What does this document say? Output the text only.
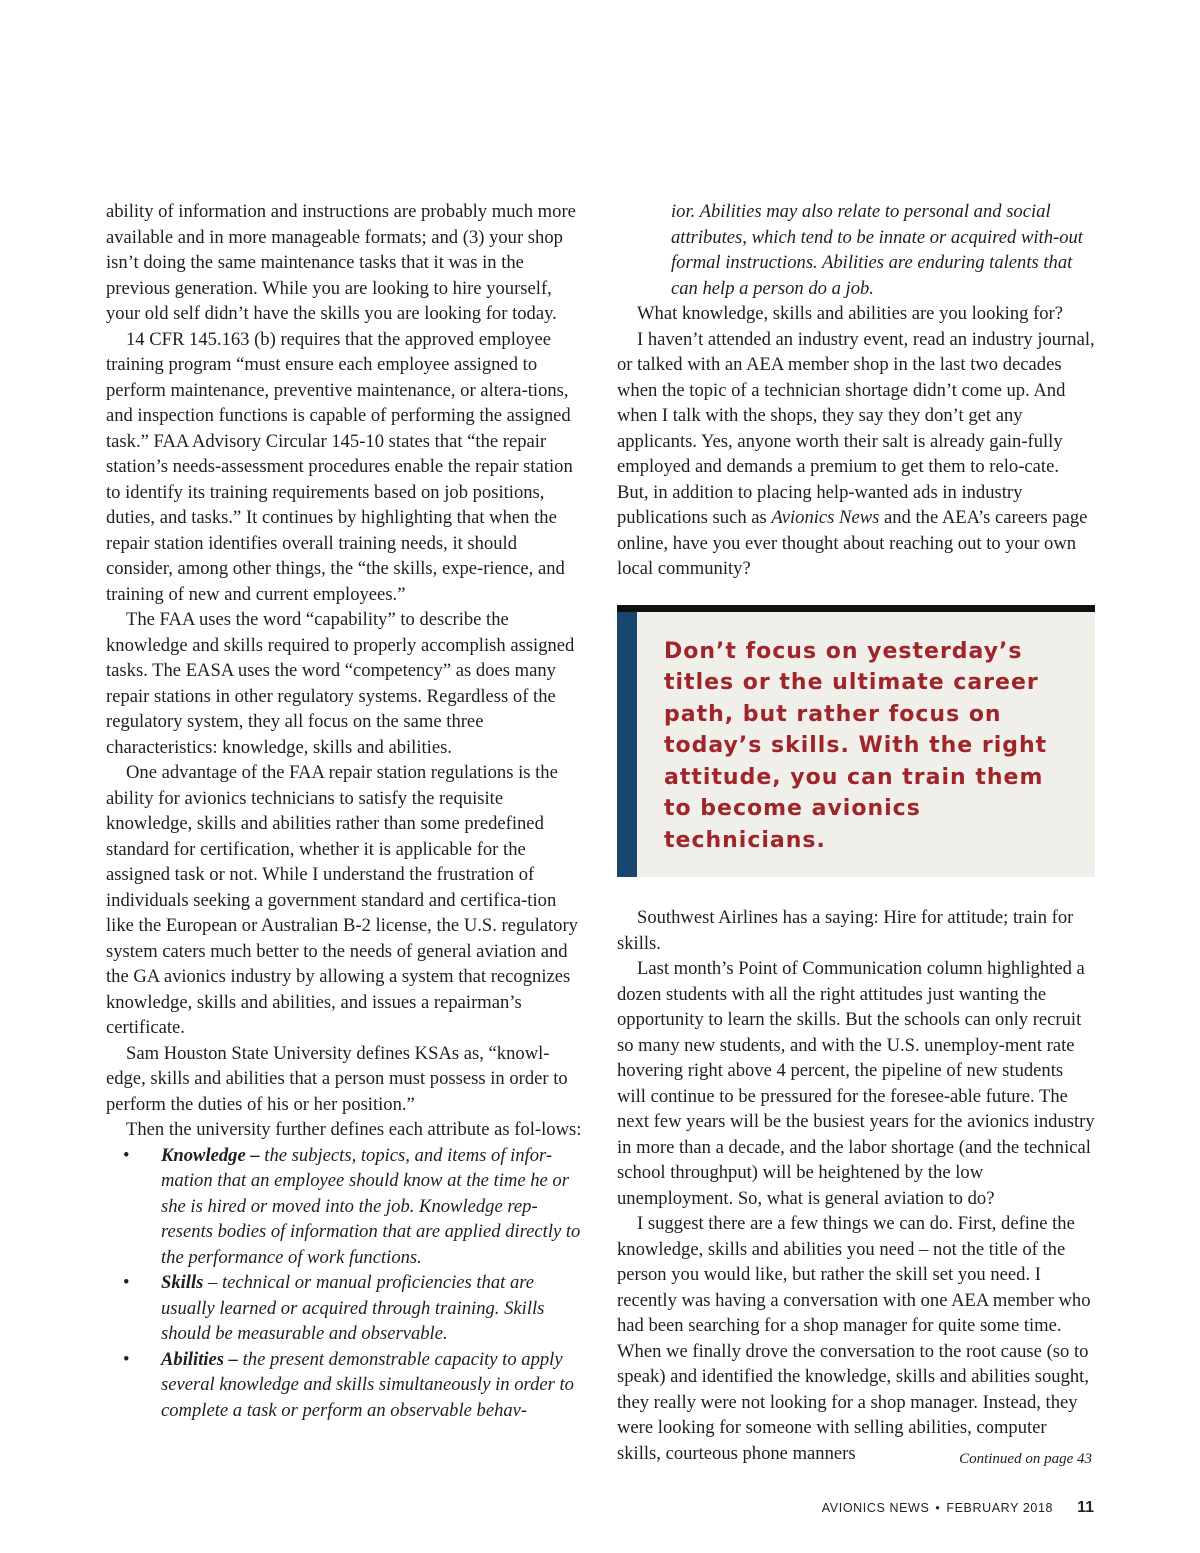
ability of information and instructions are probably much more available and in more manageable formats; and (3) your shop isn’t doing the same maintenance tasks that it was in the previous generation. While you are looking to hire yourself, your old self didn’t have the skills you are looking for today.

14 CFR 145.163 (b) requires that the approved employee training program “must ensure each employee assigned to perform maintenance, preventive maintenance, or altera-tions, and inspection functions is capable of performing the assigned task.” FAA Advisory Circular 145-10 states that “the repair station’s needs-assessment procedures enable the repair station to identify its training requirements based on job positions, duties, and tasks.” It continues by highlighting that when the repair station identifies overall training needs, it should consider, among other things, the “the skills, expe-rience, and training of new and current employees.”

The FAA uses the word “capability” to describe the knowledge and skills required to properly accomplish assigned tasks. The EASA uses the word “competency” as does many repair stations in other regulatory systems. Regardless of the regulatory system, they all focus on the same three characteristics: knowledge, skills and abilities.

One advantage of the FAA repair station regulations is the ability for avionics technicians to satisfy the requisite knowledge, skills and abilities rather than some predefined standard for certification, whether it is applicable for the assigned task or not. While I understand the frustration of individuals seeking a government standard and certifica-tion like the European or Australian B-2 license, the U.S. regulatory system caters much better to the needs of general aviation and the GA avionics industry by allowing a system that recognizes knowledge, skills and abilities, and issues a repairman’s certificate.

Sam Houston State University defines KSAs as, “knowl-edge, skills and abilities that a person must possess in order to perform the duties of his or her position.”

Then the university further defines each attribute as fol-lows:

• Knowledge – the subjects, topics, and items of infor-mation that an employee should know at the time he or she is hired or moved into the job. Knowledge rep-resents bodies of information that are applied directly to the performance of work functions.
• Skills – technical or manual proficiencies that are usually learned or acquired through training. Skills should be measurable and observable.
• Abilities – the present demonstrable capacity to apply several knowledge and skills simultaneously in order to complete a task or perform an observable behav-

ior. Abilities may also relate to personal and social attributes, which tend to be innate or acquired with-out formal instructions. Abilities are enduring talents that can help a person do a job.

What knowledge, skills and abilities are you looking for?

I haven’t attended an industry event, read an industry journal, or talked with an AEA member shop in the last two decades when the topic of a technician shortage didn’t come up. And when I talk with the shops, they say they don’t get any applicants. Yes, anyone worth their salt is already gain-fully employed and demands a premium to get them to relo-cate. But, in addition to placing help-wanted ads in industry publications such as Avionics News and the AEA’s careers page online, have you ever thought about reaching out to your own local community?

Don’t focus on yesterday’s titles or the ultimate career path, but rather focus on today’s skills. With the right attitude, you can train them to become avionics technicians.

Southwest Airlines has a saying: Hire for attitude; train for skills.

Last month’s Point of Communication column highlighted a dozen students with all the right attitudes just wanting the opportunity to learn the skills. But the schools can only recruit so many new students, and with the U.S. unemploy-ment rate hovering right above 4 percent, the pipeline of new students will continue to be pressured for the foresee-able future. The next few years will be the busiest years for the avionics industry in more than a decade, and the labor shortage (and the technical school throughput) will be heightened by the low unemployment. So, what is general aviation to do?

I suggest there are a few things we can do. First, define the knowledge, skills and abilities you need – not the title of the person you would like, but rather the skill set you need. I recently was having a conversation with one AEA member who had been searching for a shop manager for quite some time. When we finally drove the conversation to the root cause (so to speak) and identified the knowledge, skills and abilities sought, they really were not looking for a shop manager. Instead, they were looking for someone with selling abilities, computer skills, courteous phone manners	Continued on page 43
AVIONICS NEWS • FEBRUARY 2018 11
